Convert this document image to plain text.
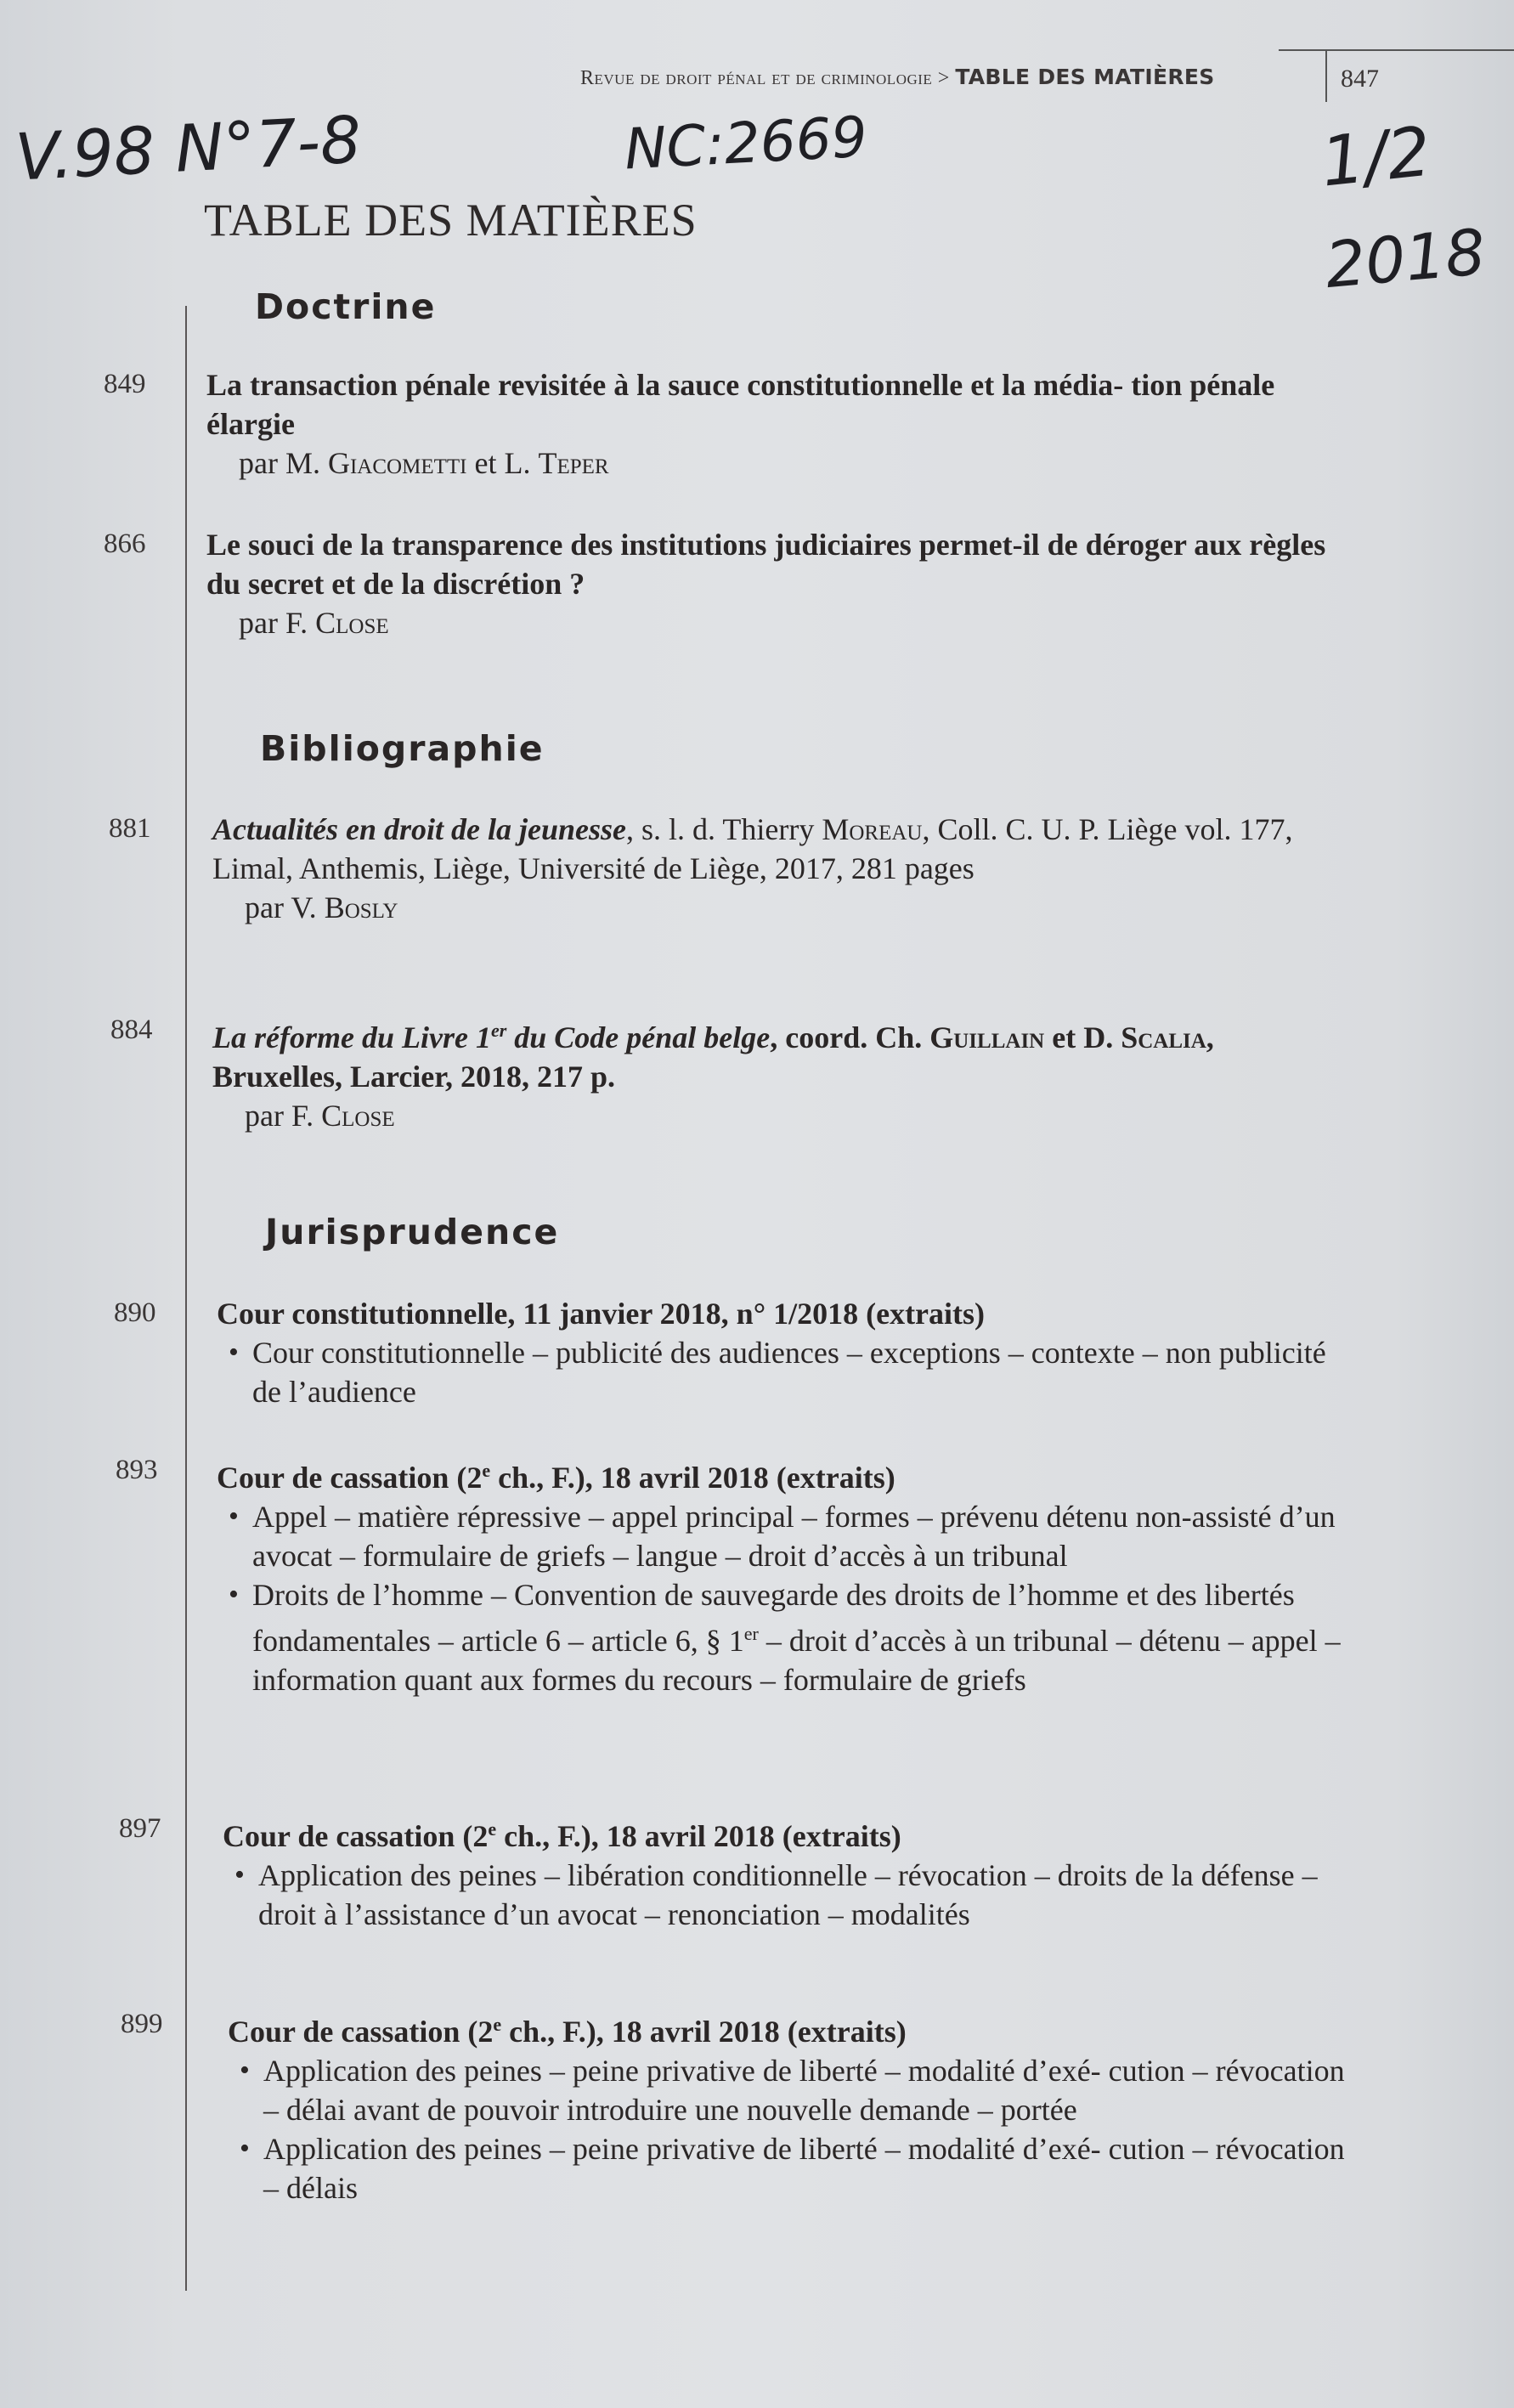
Revue de droit pénal et de criminologie > TABLE DES MATIÈRES	847
V.98 N°7-8	NC:2669	1/2
2018
TABLE DES MATIÈRES
Doctrine
849 La transaction pénale revisitée à la sauce constitutionnelle et la média- tion pénale élargie
par M. Giacometti et L. Teper
866 Le souci de la transparence des institutions judiciaires permet-il de déroger aux règles du secret et de la discrétion ?
par F. Close
Bibliographie
881 Actualités en droit de la jeunesse, s. l. d. Thierry Moreau, Coll. C. U. P. Liège vol. 177, Limal, Anthemis, Liège, Université de Liège, 2017, 281 pages
par V. Bosly
884 La réforme du Livre 1er du Code pénal belge, coord. Ch. Guillain et D. Scalia, Bruxelles, Larcier, 2018, 217 p.
par F. Close
Jurisprudence
890 Cour constitutionnelle, 11 janvier 2018, n° 1/2018 (extraits)
• Cour constitutionnelle – publicité des audiences – exceptions – contexte – non publicité de l’audience
893 Cour de cassation (2e ch., F.), 18 avril 2018 (extraits)
• Appel – matière répressive – appel principal – formes – prévenu détenu non-assisté d’un avocat – formulaire de griefs – langue – droit d’accès à un tribunal
• Droits de l’homme – Convention de sauvegarde des droits de l’homme et des libertés fondamentales – article 6 – article 6, § 1er – droit d’accès à un tribunal – détenu – appel – information quant aux formes du recours – formulaire de griefs
897 Cour de cassation (2e ch., F.), 18 avril 2018 (extraits)
• Application des peines – libération conditionnelle – révocation – droits de la défense – droit à l’assistance d’un avocat – renonciation – modalités
899 Cour de cassation (2e ch., F.), 18 avril 2018 (extraits)
• Application des peines – peine privative de liberté – modalité d’exé- cution – révocation – délai avant de pouvoir introduire une nouvelle demande – portée
• Application des peines – peine privative de liberté – modalité d’exé- cution – révocation – délais
